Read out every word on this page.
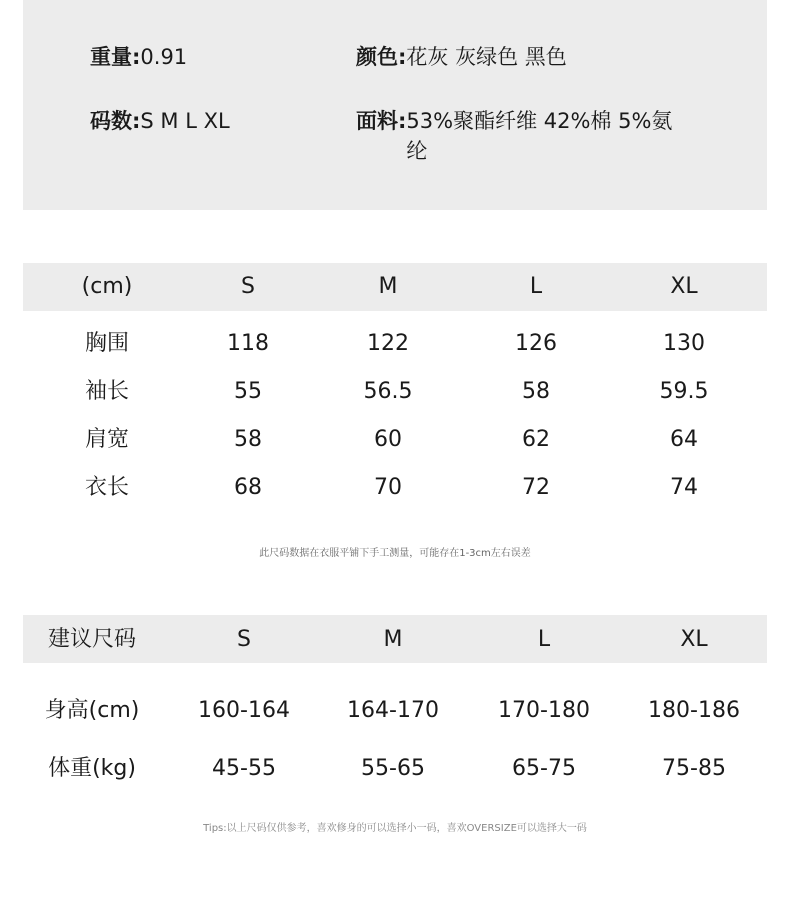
重量: 0.91	颜色: 花灰 灰绿色 黑色
码数: S M L XL	面料: 53%聚酯纤维 42%棉 5%氨纶
(cm)	S	M	L	XL
胸围	118	122	126	130
袖长	55	56.5	58	59.5
肩宽	58	60	62	64
衣长	68	70	72	74
此尺码数据在衣服平铺下手工测量，可能存在1-3cm左右误差
建议尺码	S	M	L	XL
身高(cm)	160-164	164-170	170-180	180-186
体重(kg)	45-55	55-65	65-75	75-85
Tips:以上尺码仅供参考，喜欢修身的可以选择小一码，喜欢OVERSIZE可以选择大一码
